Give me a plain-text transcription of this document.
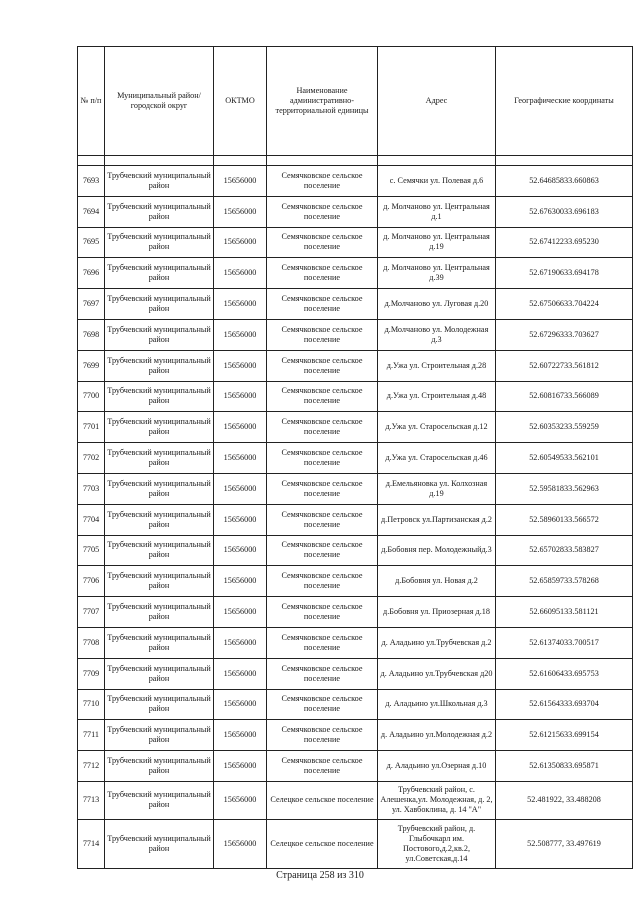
№ п/п	Муниципальный район/городской округ	ОКТМО	Наименование административно-территориальной единицы	Адрес	Географические координаты

7693	Трубчевский муниципальный район	15656000	Семячковское сельское поселение	с. Семячки ул. Полевая д.6	52.64685833.660863
7694	Трубчевский муниципальный район	15656000	Семячковское сельское поселение	д. Молчаново ул. Центральная д.1	52.67630033.696183
7695	Трубчевский муниципальный район	15656000	Семячковское сельское поселение	д. Молчаново ул. Центральная д.19	52.67412233.695230
7696	Трубчевский муниципальный район	15656000	Семячковское сельское поселение	д. Молчаново ул. Центральная д.39	52.67190633.694178
7697	Трубчевский муниципальный район	15656000	Семячковское сельское поселение	д.Молчаново ул. Луговая д.20	52.67506633.704224
7698	Трубчевский муниципальный район	15656000	Семячковское сельское поселение	д.Молчаново ул. Молодежная д.3	52.67296333.703627
7699	Трубчевский муниципальный район	15656000	Семячковское сельское поселение	д.Ужа ул. Строительная д.28	52.60722733.561812
7700	Трубчевский муниципальный район	15656000	Семячковское сельское поселение	д.Ужа ул. Строительная д.48	52.60816733.566089
7701	Трубчевский муниципальный район	15656000	Семячковское сельское поселение	д.Ужа ул. Старосельская д.12	52.60353233.559259
7702	Трубчевский муниципальный район	15656000	Семячковское сельское поселение	д.Ужа ул. Старосельская д.46	52.60549533.562101
7703	Трубчевский муниципальный район	15656000	Семячковское сельское поселение	д.Емельяновка ул. Колхозная д.19	52.59581833.562963
7704	Трубчевский муниципальный район	15656000	Семячковское сельское поселение	д.Петровск ул.Партизанская д.2	52.58960133.566572
7705	Трубчевский муниципальный район	15656000	Семячковское сельское поселение	д.Бобовня пер. Молодежныйд.3	52.65702833.583827
7706	Трубчевский муниципальный район	15656000	Семячковское сельское поселение	д.Бобовня ул. Новая д.2	52.65859733.578268
7707	Трубчевский муниципальный район	15656000	Семячковское сельское поселение	д.Бобовня ул. Приозерная д.18	52.66095133.581121
7708	Трубчевский муниципальный район	15656000	Семячковское сельское поселение	д. Аладьино ул.Трубчевская д.2	52.61374033.700517
7709	Трубчевский муниципальный район	15656000	Семячковское сельское поселение	д. Аладьино ул.Трубчевская д20	52.61606433.695753
7710	Трубчевский муниципальный район	15656000	Семячковское сельское поселение	д. Аладьино ул.Школьная д.3	52.61564333.693704
7711	Трубчевский муниципальный район	15656000	Семячковское сельское поселение	д. Аладьино ул.Молодежная д.2	52.61215633.699154
7712	Трубчевский муниципальный район	15656000	Семячковское сельское поселение	д. Аладьино ул.Озерная д.10	52.61350833.695871
7713	Трубчевский муниципальный район	15656000	Селецкое сельское поселение	Трубчевский район, с. Алешенка,ул. Молодежная, д. 2, ул. Хавбоклина, д. 14 "А"	52.481922, 33.488208
7714	Трубчевский муниципальный район	15656000	Селецкое сельское поселение	Трубчевский район, д. Глыбочкарл им. Постового,д.2,кв.2, ул.Советская,д.14	52.508777, 33.497619
Страница 258 из 310
